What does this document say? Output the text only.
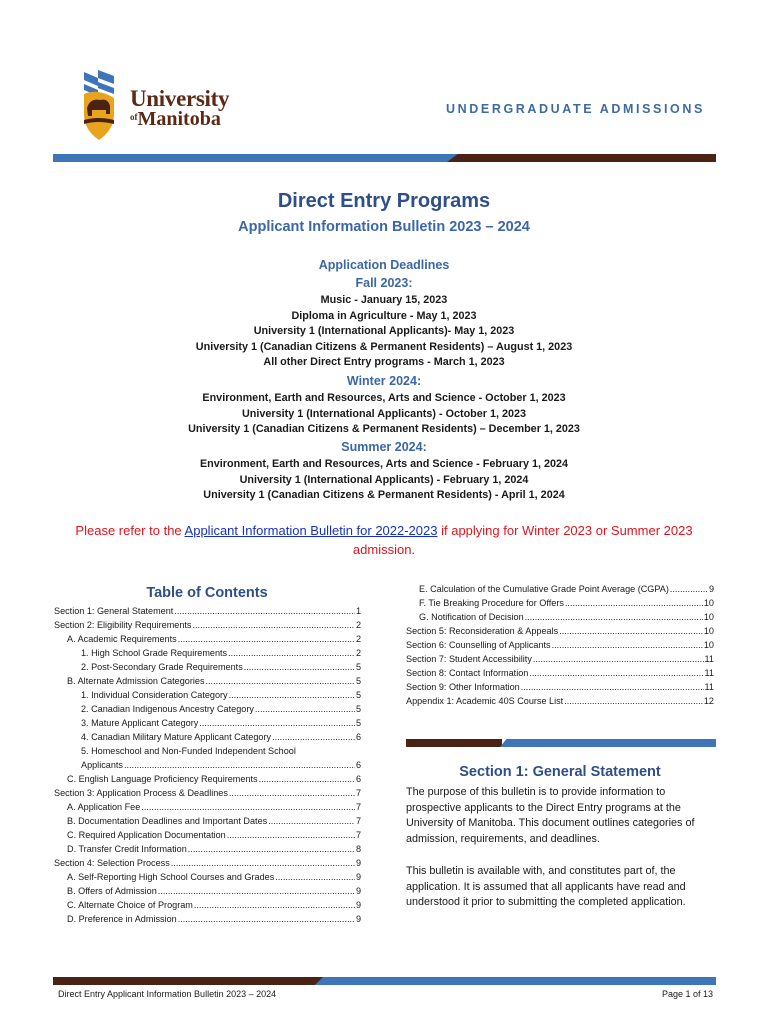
University
$^{of}$Manitoba	UNDERGRADUATE ADMISSIONS
Direct Entry Programs
Applicant Information Bulletin 2023 – 2024
Application Deadlines
Fall 2023:
Music - January 15, 2023
Diploma in Agriculture - May 1, 2023
University 1 (International Applicants)- May 1, 2023
University 1 (Canadian Citizens & Permanent Residents) – August 1, 2023
All other Direct Entry programs - March 1, 2023
Winter 2024:
Environment, Earth and Resources, Arts and Science - October 1, 2023
University 1 (International Applicants) - October 1, 2023
University 1 (Canadian Citizens & Permanent Residents) – December 1, 2023
Summer 2024:
Environment, Earth and Resources, Arts and Science - February 1, 2024
University 1 (International Applicants) - February 1, 2024
University 1 (Canadian Citizens & Permanent Residents) - April 1, 2024
Please refer to the Applicant Information Bulletin for 2022-2023 if applying for Winter 2023 or Summer 2023 admission.
Table of Contents
Section 1: General Statement .....	1
Section 2: Eligibility Requirements .....	2
A. Academic Requirements .....	2
1. High School Grade Requirements .....	2
2. Post-Secondary Grade Requirements .....	5
B. Alternate Admission Categories .....	5
1. Individual Consideration Category .....	5
2. Canadian Indigenous Ancestry Category .....	5
3. Mature Applicant Category .....	5
4. Canadian Military Mature Applicant Category .....	6
5. Homeschool and Non-Funded Independent School
Applicants .....	6
C. English Language Proficiency Requirements .....	6
Section 3: Application Process & Deadlines .....	7
A. Application Fee .....	7
B. Documentation Deadlines and Important Dates .....	7
C. Required Application Documentation .....	7
D. Transfer Credit Information .....	8
Section 4: Selection Process .....	9
A. Self-Reporting High School Courses and Grades .....	9
B. Offers of Admission .....	9
C. Alternate Choice of Program .....	9
D. Preference in Admission .....	9
E. Calculation of the Cumulative Grade Point Average (CGPA) .....	9
F. Tie Breaking Procedure for Offers .....	10
G. Notification of Decision .....	10
Section 5: Reconsideration & Appeals .....	10
Section 6: Counselling of Applicants .....	10
Section 7: Student Accessibility .....	11
Section 8: Contact Information .....	11
Section 9: Other Information .....	11
Appendix 1: Academic 40S Course List .....	12
Section 1: General Statement
The purpose of this bulletin is to provide information to prospective applicants to the Direct Entry programs at the University of Manitoba. This document outlines categories of admission, requirements, and deadlines.
This bulletin is available with, and constitutes part of, the application. It is assumed that all applicants have read and understood it prior to submitting the completed application.
Direct Entry Applicant Information Bulletin 2023 – 2024	Page 1 of 13
